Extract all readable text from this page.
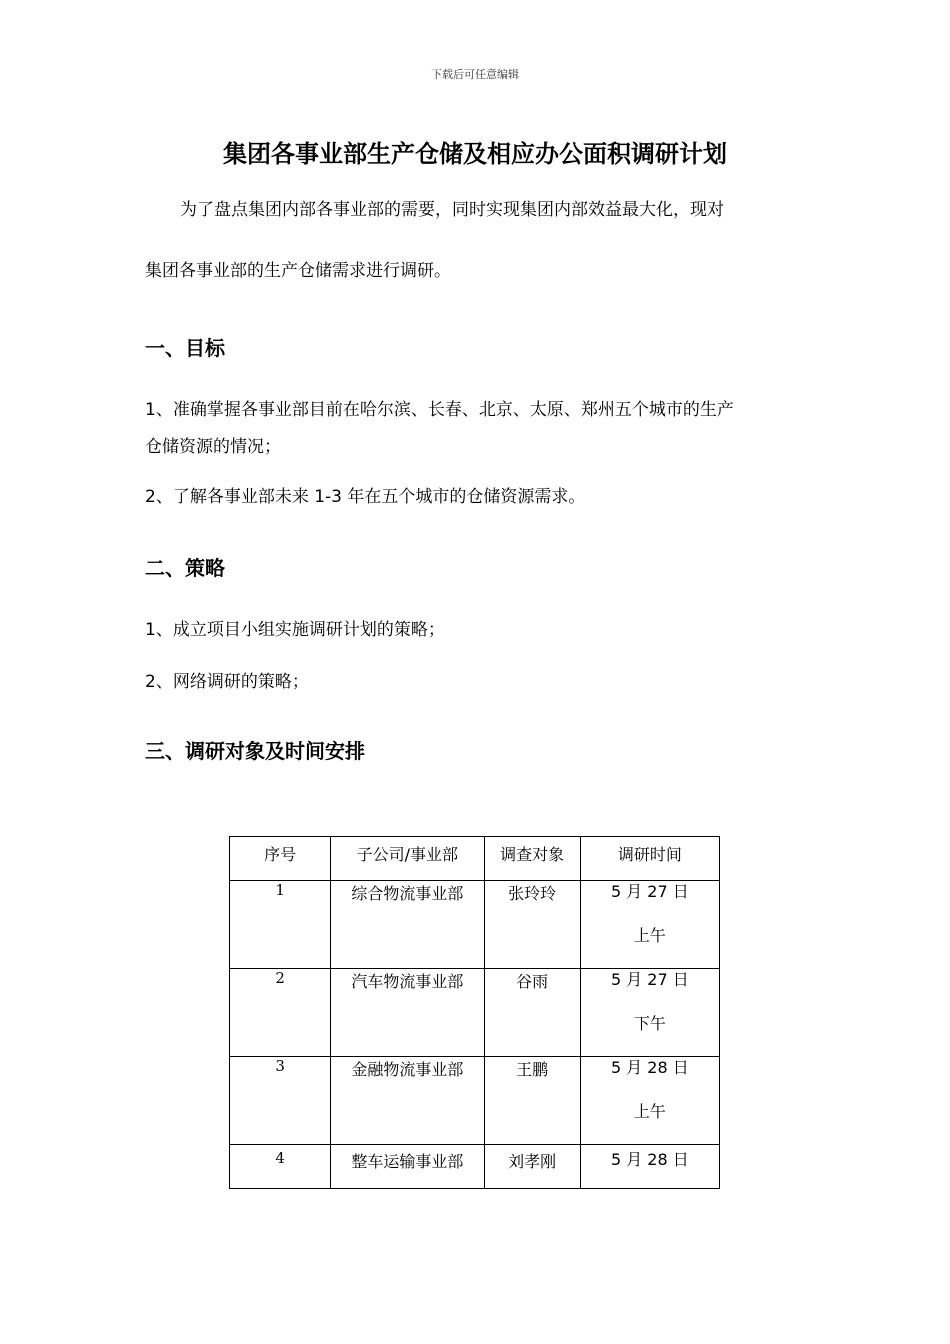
下载后可任意编辑
集团各事业部生产仓储及相应办公面积调研计划
为了盘点集团内部各事业部的需要，同时实现集团内部效益最大化，现对
集团各事业部的生产仓储需求进行调研。
一、目标
1、准确掌握各事业部目前在哈尔滨、长春、北京、太原、郑州五个城市的生产
仓储资源的情况；
2、了解各事业部未来 1-3 年在五个城市的仓储资源需求。
二、策略
1、成立项目小组实施调研计划的策略；
2、网络调研的策略；
三、调研对象及时间安排
序号	子公司/事业部	调查对象	调研时间
1	综合物流事业部	张玲玲	5 月 27 日
上午

2	汽车物流事业部	谷雨	5 月 27 日
下午

3	金融物流事业部	王鹏	5 月 28 日
上午

4	整车运输事业部	刘孝刚	5 月 28 日
